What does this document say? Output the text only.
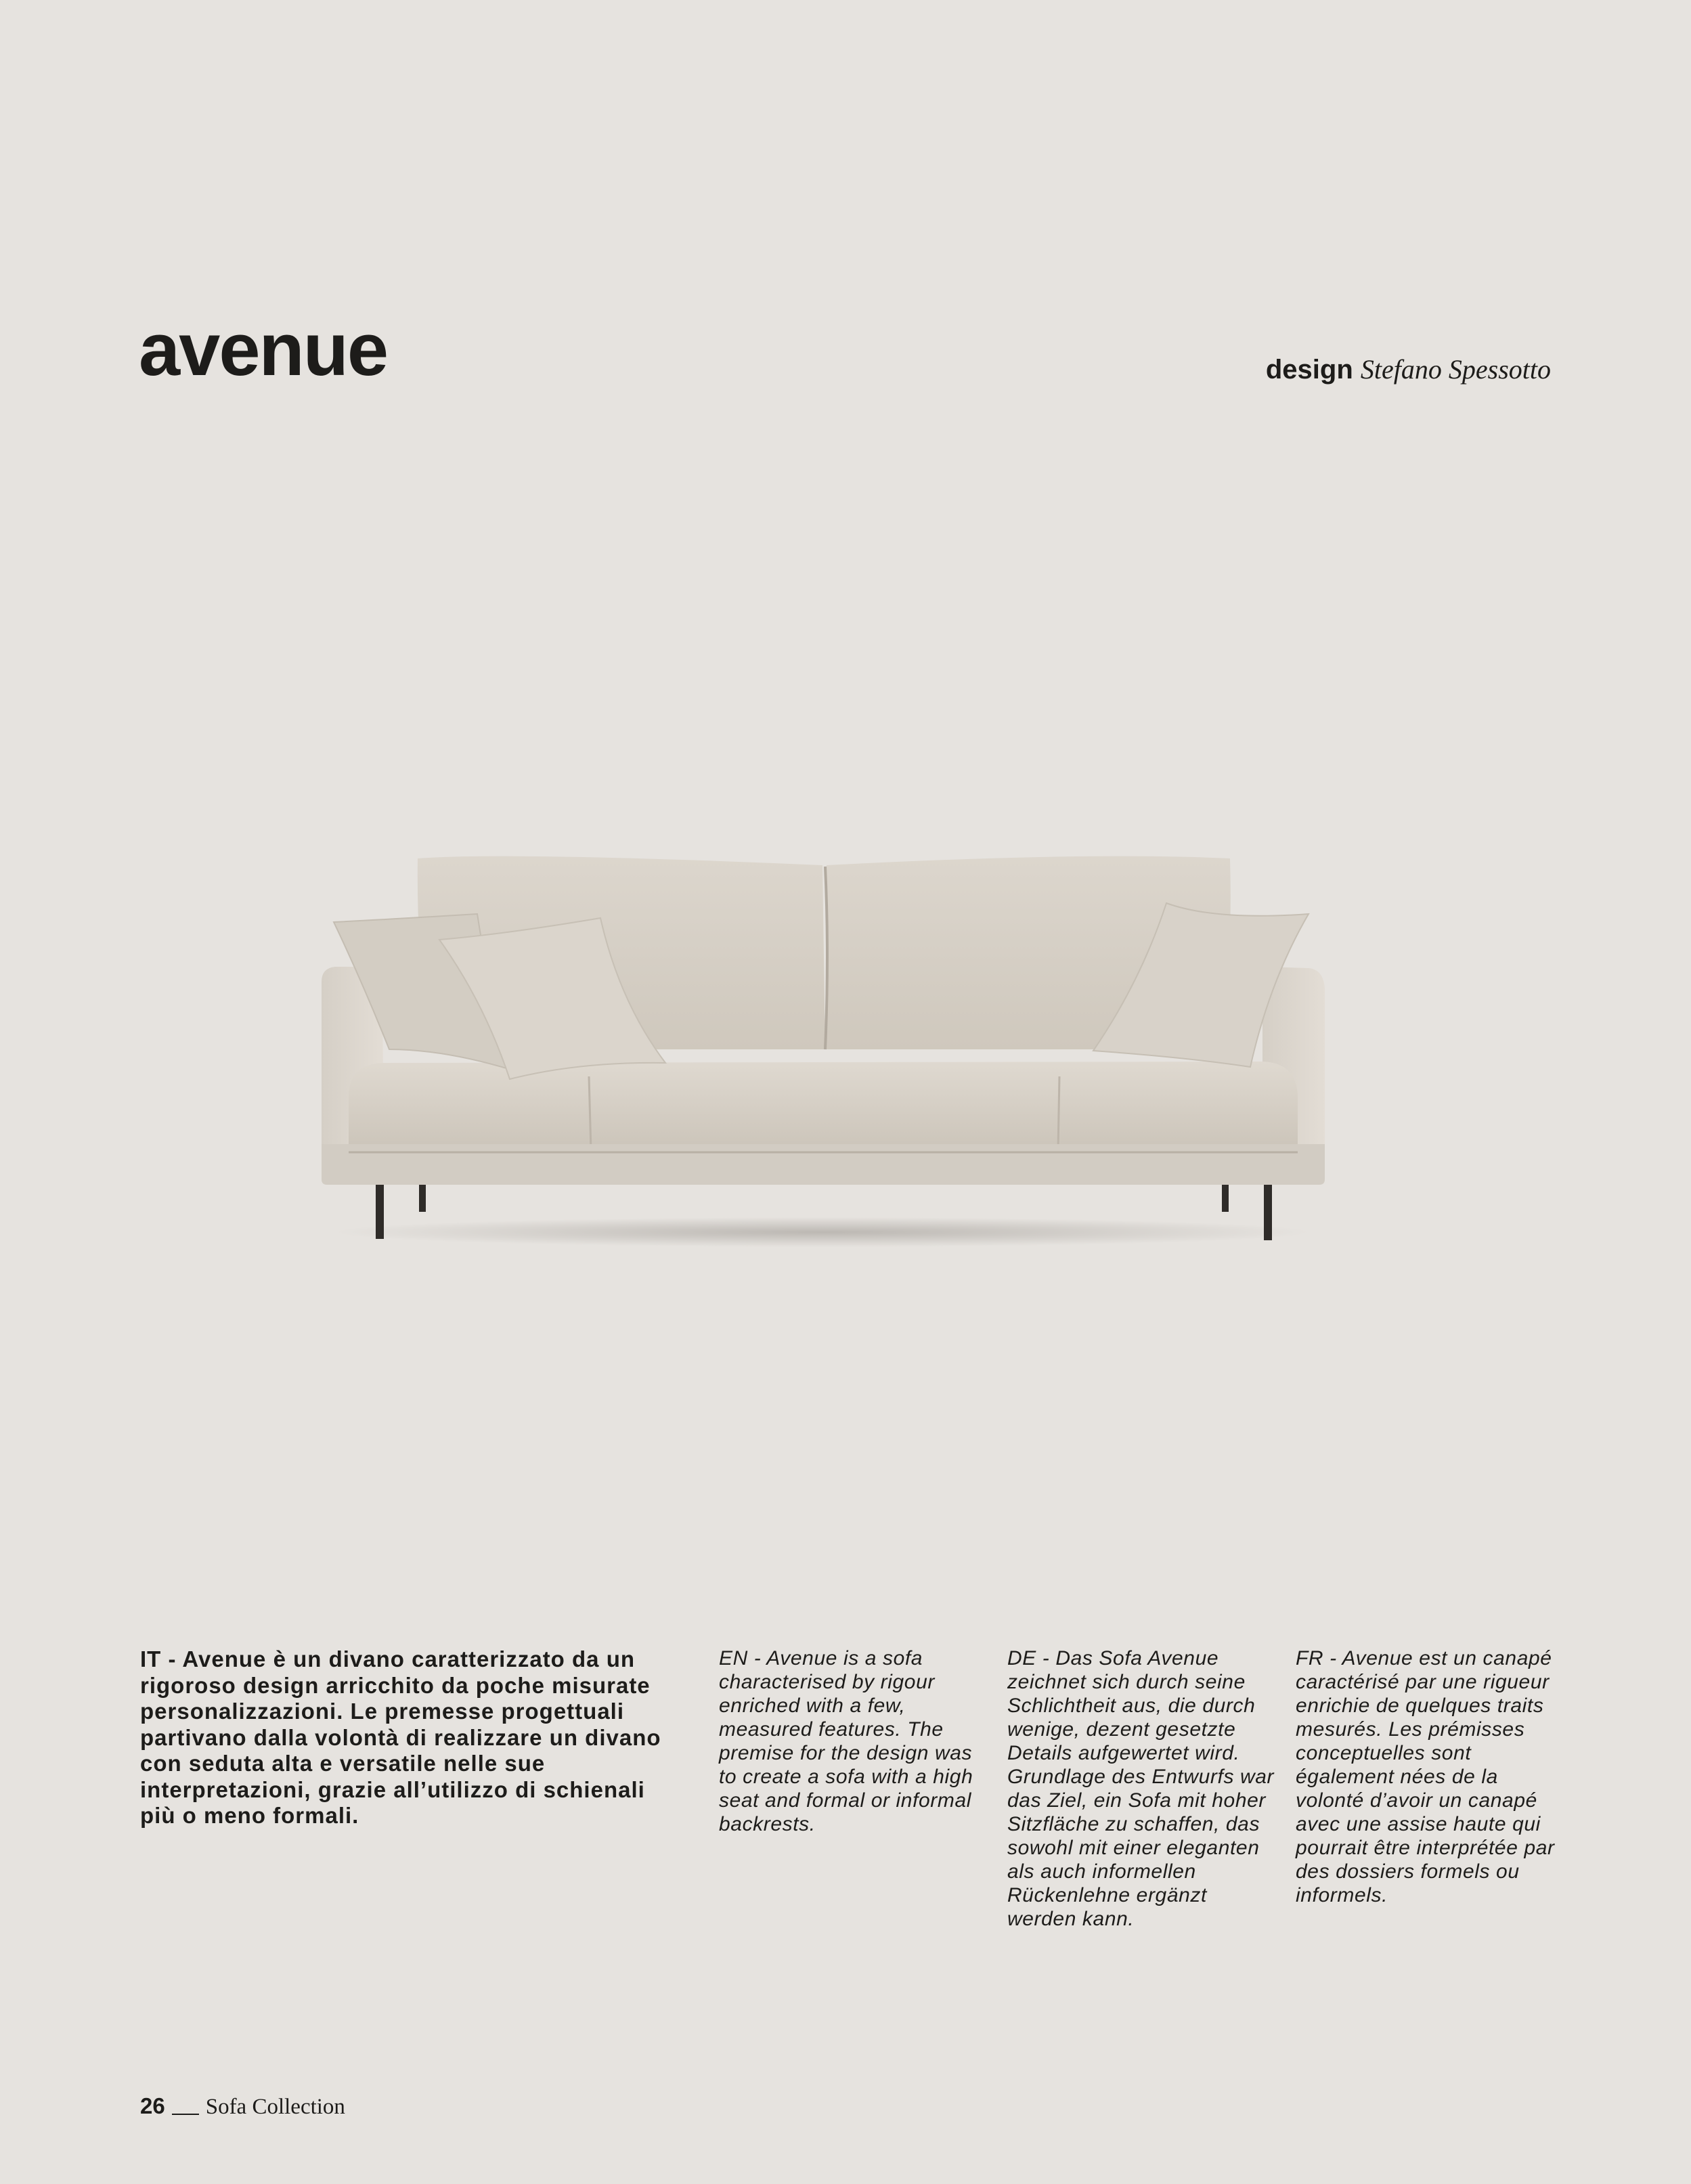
avenue	design Stefano Spessotto

IT - Avenue è un divano caratterizzato da un rigoroso design arricchito da poche misurate personalizzazioni. Le premesse progettuali partivano dalla volontà di realizzare un divano con seduta alta e versatile nelle sue interpretazioni, grazie all’utilizzo di schienali più o meno formali.

EN - Avenue is a sofa characterised by rigour enriched with a few, measured features. The premise for the design was to create a sofa with a high seat and formal or informal backrests.

DE - Das Sofa Avenue zeichnet sich durch seine Schlichtheit aus, die durch wenige, dezent gesetzte Details aufgewertet wird. Grundlage des Entwurfs war das Ziel, ein Sofa mit hoher Sitzfläche zu schaffen, das sowohl mit einer eleganten als auch informellen Rückenlehne ergänzt werden kann.

FR - Avenue est un canapé caractérisé par une rigueur enrichie de quelques traits mesurés. Les prémisses conceptuelles sont également nées de la volonté d’avoir un canapé avec une assise haute qui pourrait être interprétée par des dossiers formels ou informels.

26 Sofa Collection
